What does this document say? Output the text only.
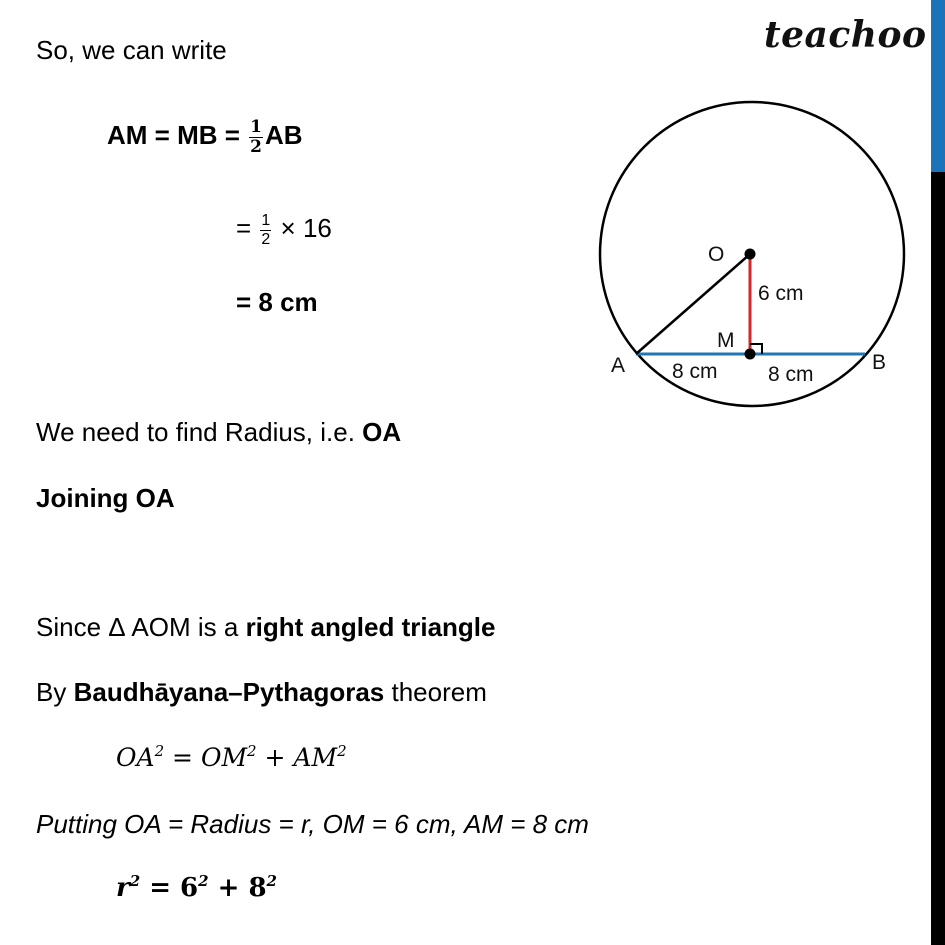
teachoo
So, we can write
AM = MB = $\frac{1}{2}$ AB
= $\frac{1}{2} \times 16$
= 8 cm
We need to find Radius, i.e. OA
Joining OA
Since Δ AOM is a right angled triangle
By Baudhāyana–Pythagoras theorem
$OA^2 = OM^2 + AM^2$
Putting OA = Radius = r, OM = 6 cm, AM = 8 cm
$r^2 = 6^2 + 8^2$
O
6 cm
M
A	B
8 cm 8 cm
